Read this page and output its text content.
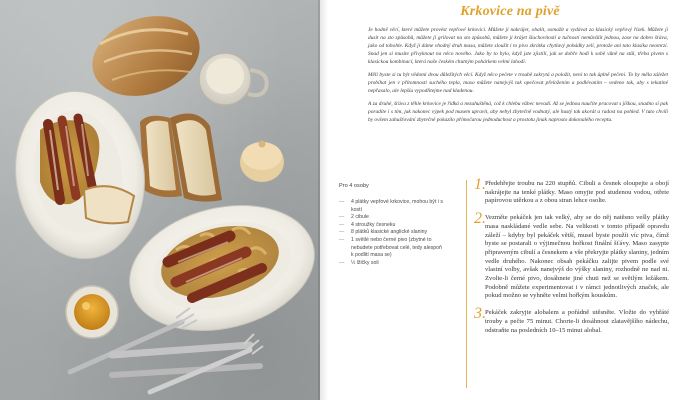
Krkovice na pivě

Je hodně věcí, které můžete provést vepřové krkovici. Můžete ji nakrájet, obalit, osmažit a vydávat za klasický vepřový řízek. Můžete ji dusit na sto způsobů, můžete ji grilovat na sto způsobů, můžete ji krájet šlachovitostí a tučností nemůvůlit jednou, zase na dobro šťáva, jako od tohohle. Když jí dáme vhodný druh masa, můžete sloužit i to pivo zkrátka chytlavý pohádky zelí, protože ani tato klasika neomrzí. Snad jen si musíte přivyknout na něco nového. Jako by to bylo, když jste zjistili, jak se dobře hodí k sobě vůně na stůl, třeba pivem s klasickou kombinací, která naše českém chutným pohárkem velmi lahodí.

Měli byste si tu být vědomi dvou důležitých věcí. Když něco pečete v troubě zakrytá a položit, není to tak úplně pečení. To by měla záležet probíhat jen v přítomnosti suchého tepla, maso můžete nanejvýš tak opečovat přeloženim a podlévaním – vedeno tak, aby s tekutiné nepřasalo, ale lepšíu vypodlitejme nad kladenou.

A za druhé, šťáva z těhle krkovice je řídká a nezahuštěná, což k chlebu vůbec nevadí. Až se jednou naučíte pracovat s jíškou, snadno si pak poradíte i s tím, jak nakonec výpek pod masem upravit, aby nebyl zbytečně vodnatý, ale hustý tak akorát a radost na pohled. V tuto chvíli by ovšem zahušťování zbytečně pokazilo přímočarou jednoduchost a prostotu jinak naprosto dokonalého receptu.

Pro 4 osoby
— 4 plátky vepřové krkovice, mohou být i s kostí
— 2 cibule
— 4 stroužky česneku
— 8 plátků klasické anglické slaniny
— 1 světlé nebo černé pivo (zbytné to nebudete potřebovat celé, tedy alespoň k podlití masa se)
— ½ lžičky soli
1. Předehřejte troubu na 220 stupňů. Cibuli a česnek oloupejte a obojí nakrájejte na tenké plátky. Maso omyjte pod studenou vodou, otřete papírovou utěrkou a z obou stran lehce osolte.
2. Vezměte pekáček jen tak velký, aby se do něj natěsno vešly plátky masa naskládané vedle sebe. Na velikosti v tomto případě opravdu záleží – kdyby byl pekáček větší, musel byste použít víc piva, čímž byste se postarali o výjimečnou hořkost finální šťávy. Maso zasypte připraveným cibulí a česnekem a vše překryjte plátky slaniny, jedním vedle druhého. Nakonec obsah pekáčku zalijte pivem podle své vlastní volby, avšak nanejvýš do výšky slaniny, rozhodně ne nad ni. Zvolte-li černé pivo, dosáhnete jiné chuti než se světlým ležákem. Podobně můžete experimentovat i v rámci jednotlivých značek, ale pokud možno se vyhněte velmi hořkým kouskům.
3. Pekáček zakryjte alobalem a pořádně utěsněte. Vložte do vyhřáté trouby a pečte 75 minut. Chorte-li dosáhnout zlatavějšího nádechu, odstraňte na posledních 10–15 minut alobal.
